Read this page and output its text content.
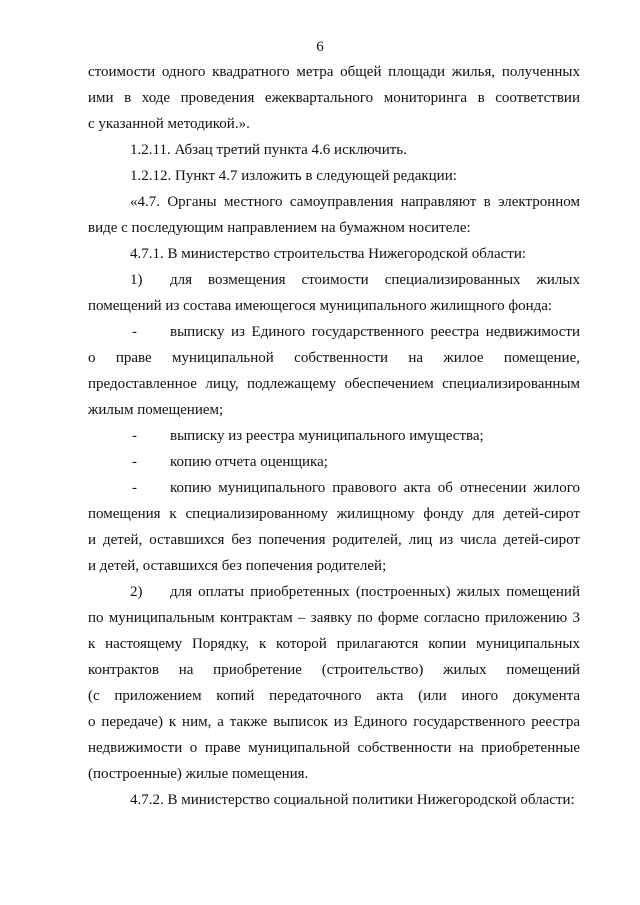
6
стоимости одного квадратного метра общей площади жилья, полученных
ими в ходе проведения ежеквартального мониторинга в соответствии
с указанной методикой.».
1.2.11. Абзац третий пункта 4.6 исключить.
1.2.12. Пункт 4.7 изложить в следующей редакции:
«4.7. Органы местного самоуправления направляют в электронном
виде с последующим направлением на бумажном носителе:
4.7.1. В министерство строительства Нижегородской области:
1) для возмещения стоимости специализированных жилых
помещений из состава имеющегося муниципального жилищного фонда:
- выписку из Единого государственного реестра недвижимости
о праве муниципальной собственности на жилое помещение,
предоставленное лицу, подлежащему обеспечением специализированным
жилым помещением;
- выписку из реестра муниципального имущества;
- копию отчета оценщика;
- копию муниципального правового акта об отнесении жилого
помещения к специализированному жилищному фонду для детей-сирот
и детей, оставшихся без попечения родителей, лиц из числа детей-сирот
и детей, оставшихся без попечения родителей;
2) для оплаты приобретенных (построенных) жилых помещений
по муниципальным контрактам – заявку по форме согласно приложению 3
к настоящему Порядку, к которой прилагаются копии муниципальных
контрактов на приобретение (строительство) жилых помещений
(с приложением копий передаточного акта (или иного документа
о передаче) к ним, а также выписок из Единого государственного реестра
недвижимости о праве муниципальной собственности на приобретенные
(построенные) жилые помещения.
4.7.2. В министерство социальной политики Нижегородской области:
